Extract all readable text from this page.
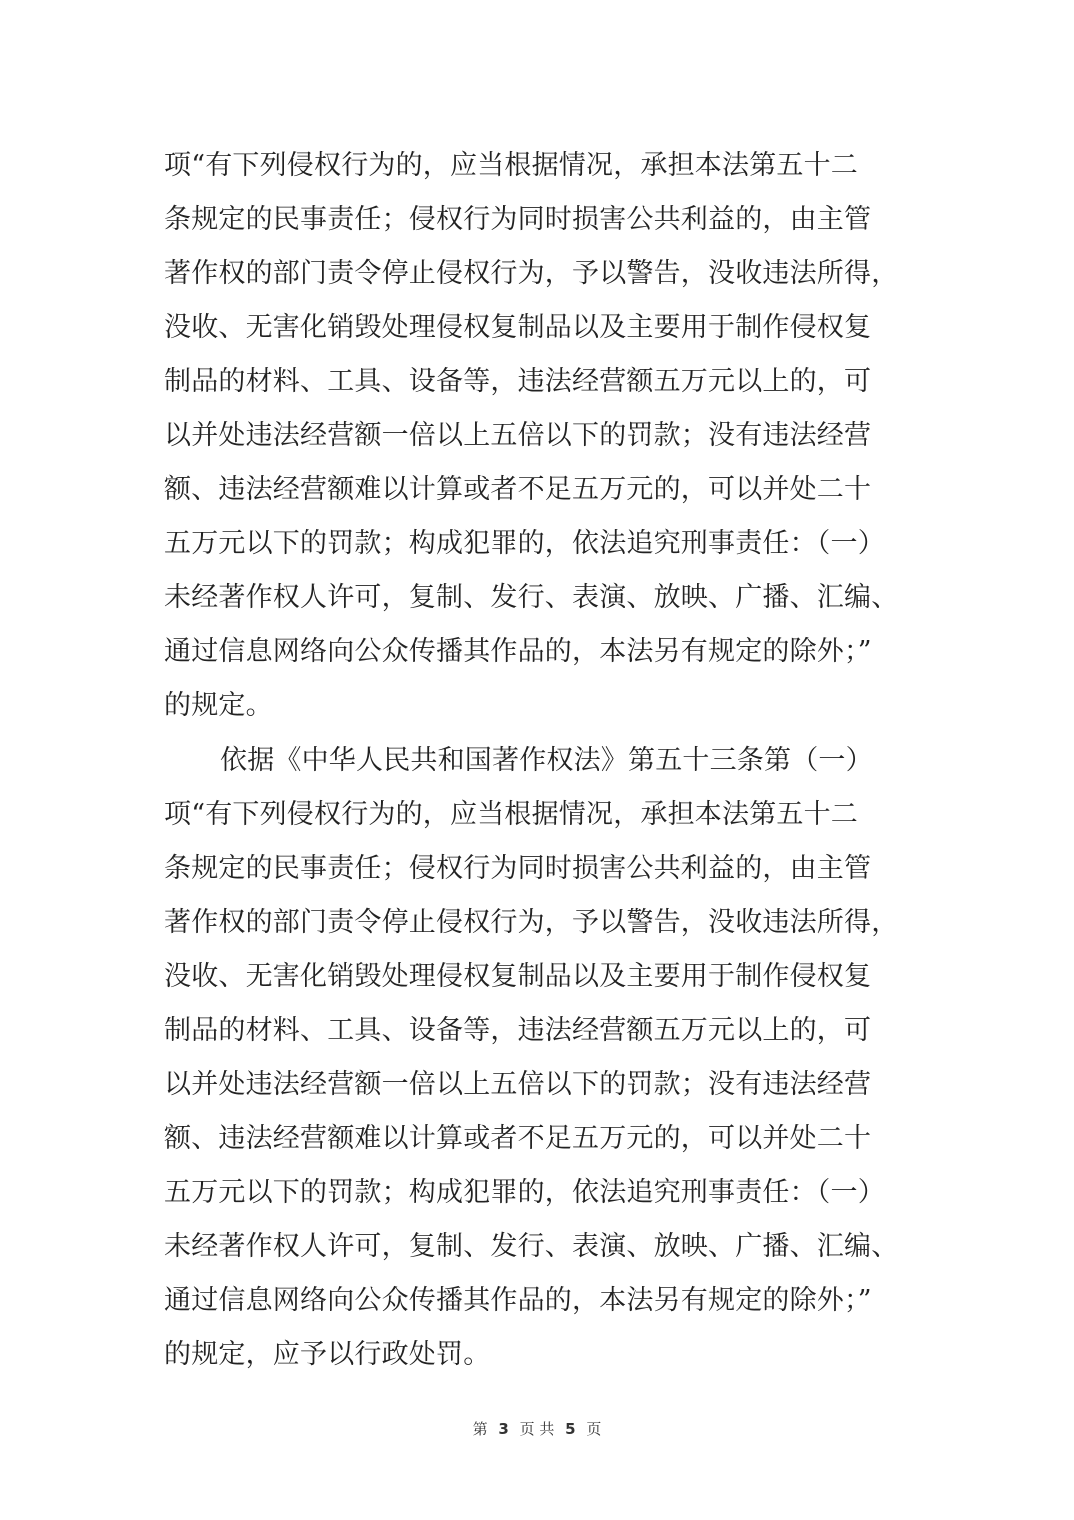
项“有下列侵权行为的，应当根据情况，承担本法第五十二
条规定的民事责任；侵权行为同时损害公共利益的，由主管
著作权的部门责令停止侵权行为，予以警告，没收违法所得，
没收、无害化销毁处理侵权复制品以及主要用于制作侵权复
制品的材料、工具、设备等，违法经营额五万元以上的，可
以并处违法经营额一倍以上五倍以下的罚款；没有违法经营
额、违法经营额难以计算或者不足五万元的，可以并处二十
五万元以下的罚款；构成犯罪的，依法追究刑事责任：（一）
未经著作权人许可，复制、发行、表演、放映、广播、汇编、
通过信息网络向公众传播其作品的，本法另有规定的除外；”
的规定。
依据《中华人民共和国著作权法》第五十三条第（一）
项“有下列侵权行为的，应当根据情况，承担本法第五十二
条规定的民事责任；侵权行为同时损害公共利益的，由主管
著作权的部门责令停止侵权行为，予以警告，没收违法所得，
没收、无害化销毁处理侵权复制品以及主要用于制作侵权复
制品的材料、工具、设备等，违法经营额五万元以上的，可
以并处违法经营额一倍以上五倍以下的罚款；没有违法经营
额、违法经营额难以计算或者不足五万元的，可以并处二十
五万元以下的罚款；构成犯罪的，依法追究刑事责任：（一）
未经著作权人许可，复制、发行、表演、放映、广播、汇编、
通过信息网络向公众传播其作品的，本法另有规定的除外；”
的规定，应予以行政处罚。
第 3 页 共 5 页
